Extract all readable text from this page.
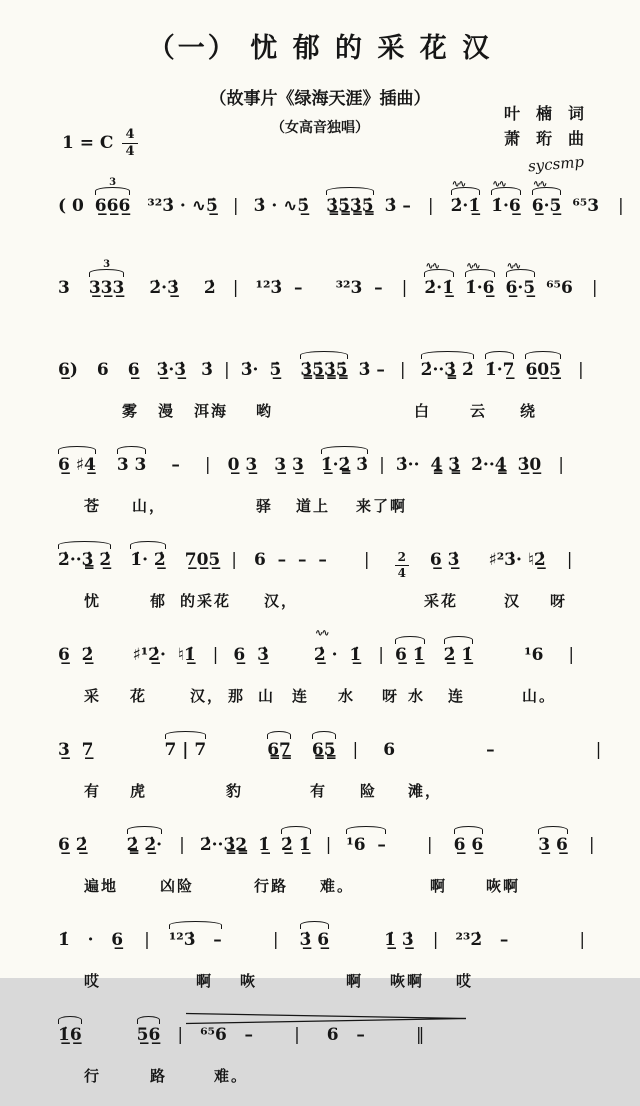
（一） 忧 郁 的 采 花 汉
（故事片《绿海天涯》插曲）
（女高音独唱）
1 = C $\frac{4}{4}$
叶　楠　词
萧　珩　曲
sycsmp
( 0 6̲6̲6̲
3
³²3̇ · ∿5̲̇ | 3̇ · ∿5̲̇ 3̳̇5̳̇3̳̇5̳̇ 3̇ – | 2̇·1̲̇
∿∿
1̇·6̲
∿∿
6̲·5̲
∿∿
⁶⁵3 |
3 3̲3̲3̲
3
2̇·3̲̇ 2̇ | ¹²3̇  – ³²3  – | 2̇·1̲̇
∿∿
1̇·6̲
∿∿
6̲·5̲
∿∿
⁶⁵6 |
6̲) 6 6̲ 3̲̇·3̲̇ 3̇ | 3̇· 5̲̇ 3̳̇5̳̇3̳̇5̳̇ 3̇ – | 2̇··3̳̇ 2̇ 1̇·7̲ 6̲0̲5̲ |
雾 漫 洱海 哟	白	云 绕
6̲ ♯4̲ 3 3 – | 0̲ 3̲ 3̲ 3̲ 1̲̇·2̳̇ 3̇ | 3̇·· 4̳̇ 3̳̇ 2̇··4̳̇ 3̲̇0̲ |
苍 山，	驿 道上 来了啊
2̇··3̳̇ 2̲̇ 1̇· 2̲̇ 7̲0̲5̲ | 6  –  –  – | $\frac{2}{4}$ 6̲ 3̲̇ ♯²3̇· ♮2̲̇ |
忧	郁 的采花 汉，	采花	汉 呀
6̲  2̲̇ ♯¹2̲̇·  ♮1̲̇ | 6̲  3̲̇	2̲̇ ·  1̲̇
∿∿
| 6̲ 1̲̇ 2̲̇ 1̲̇	¹6 |
采 花	汉， 那 山 连 水 呀 水 连	山。
3̲  7̲	7 | 7	6̳7̳ 6̳5̳ | 6	–	|
有 虎	豹	有 险 滩，
6̲ 2̲̇ 2̳̇ 2̲̇· | 2̇··3̳̇2̳ 1̲̇ 2̲̇ 1̲̇ | ¹6  – | 6̲ 6̲	3̲ 6̲ |
遍地	凶险	行路 难。	啊	咴啊
1̇   ·   6̲ | ¹²3̇   –	| 3̲̇ 6̲	1̲̇ 3̲̇ | ²³2̇   –	|
哎	啊 咴	啊 咴啊 哎
1̲̇6̲	5̲6̲ | ⁶⁵6   – | 6   –	‖
行	路	难。
